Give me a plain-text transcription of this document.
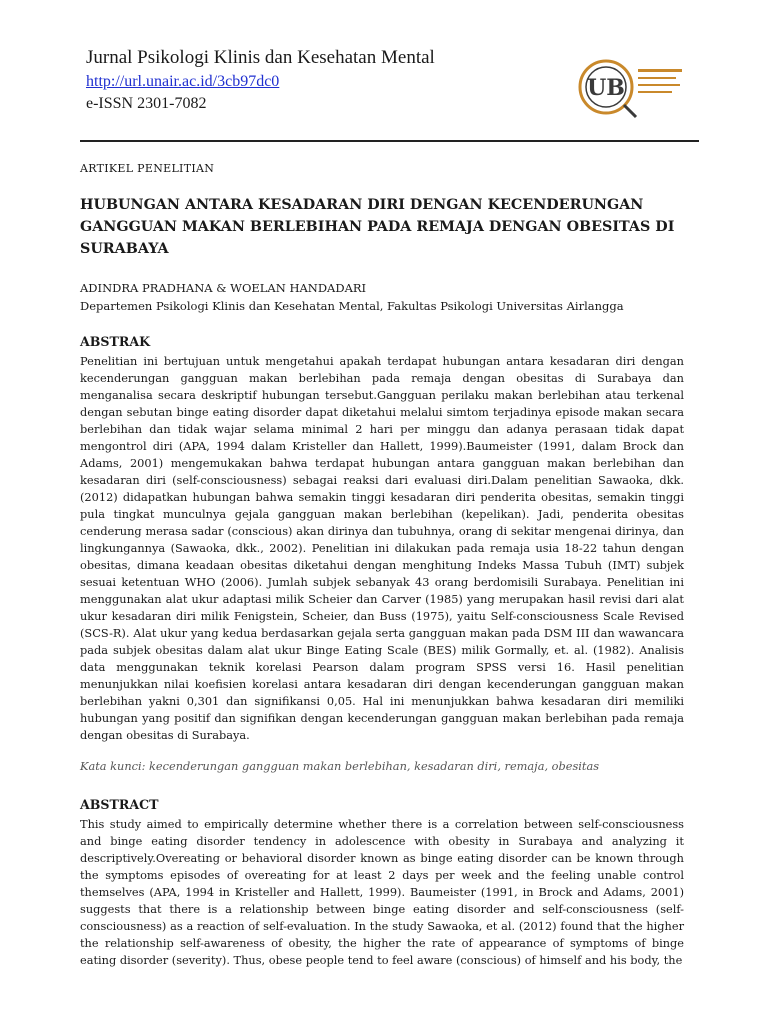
Jurnal Psikologi Klinis dan Kesehatan Mental
http://url.unair.ac.id/3cb97dc0
e-ISSN 2301-7082
UB

ARTIKEL PENELITIAN

HUBUNGAN ANTARA KESADARAN DIRI DENGAN KECENDERUNGAN GANGGUAN MAKAN BERLEBIHAN PADA REMAJA DENGAN OBESITAS DI SURABAYA

ADINDRA PRADHANA & WOELAN HANDADARI

Departemen Psikologi Klinis dan Kesehatan Mental, Fakultas Psikologi Universitas Airlangga

ABSTRAK

Penelitian ini bertujuan untuk mengetahui apakah terdapat hubungan antara kesadaran diri dengan kecenderungan gangguan makan berlebihan pada remaja dengan obesitas di Surabaya dan menganalisa secara deskriptif hubungan tersebut.Gangguan perilaku makan berlebihan atau terkenal dengan sebutan binge eating disorder dapat diketahui melalui simtom terjadinya episode makan secara berlebihan dan tidak wajar selama minimal 2 hari per minggu dan adanya perasaan tidak dapat mengontrol diri (APA, 1994 dalam Kristeller dan Hallett, 1999).Baumeister (1991, dalam Brock dan Adams, 2001) mengemukakan bahwa terdapat hubungan antara gangguan makan berlebihan dan kesadaran diri (self-consciousness) sebagai reaksi dari evaluasi diri.Dalam penelitian Sawaoka, dkk. (2012) didapatkan hubungan bahwa semakin tinggi kesadaran diri penderita obesitas, semakin tinggi pula tingkat munculnya gejala gangguan makan berlebihan (kepelikan). Jadi, penderita obesitas cenderung merasa sadar (conscious) akan dirinya dan tubuhnya, orang di sekitar mengenai dirinya, dan lingkungannya (Sawaoka, dkk., 2002). Penelitian ini dilakukan pada remaja usia 18-22 tahun dengan obesitas, dimana keadaan obesitas diketahui dengan menghitung Indeks Massa Tubuh (IMT) subjek sesuai ketentuan WHO (2006). Jumlah subjek sebanyak 43 orang berdomisili Surabaya. Penelitian ini menggunakan alat ukur adaptasi milik Scheier dan Carver (1985) yang merupakan hasil revisi dari alat ukur kesadaran diri milik Fenigstein, Scheier, dan Buss (1975), yaitu Self-consciousness Scale Revised (SCS-R). Alat ukur yang kedua berdasarkan gejala serta gangguan makan pada DSM III dan wawancara pada subjek obesitas dalam alat ukur Binge Eating Scale (BES) milik Gormally, et. al. (1982). Analisis data menggunakan teknik korelasi Pearson dalam program SPSS versi 16. Hasil penelitian menunjukkan nilai koefisien korelasi antara kesadaran diri dengan kecenderungan gangguan makan berlebihan yakni 0,301 dan signifikansi 0,05. Hal ini menunjukkan bahwa kesadaran diri memiliki hubungan yang positif dan signifikan dengan kecenderungan gangguan makan berlebihan pada remaja dengan obesitas di Surabaya.

Kata kunci: kecenderungan gangguan makan berlebihan, kesadaran diri, remaja, obesitas

ABSTRACT

This study aimed to empirically determine whether there is a correlation between self-consciousness and binge eating disorder tendency in adolescence with obesity in Surabaya and analyzing it descriptively.Overeating or behavioral disorder known as binge eating disorder can be known through the symptoms episodes of overeating for at least 2 days per week and the feeling unable control themselves (APA, 1994 in Kristeller and Hallett, 1999). Baumeister (1991, in Brock and Adams, 2001) suggests that there is a relationship between binge eating disorder and self-consciousness (self-consciousness) as a reaction of self-evaluation. In the study Sawaoka, et al. (2012) found that the higher the relationship self-awareness of obesity, the higher the rate of appearance of symptoms of binge eating disorder (severity). Thus, obese people tend to feel aware (conscious) of himself and his body, the
